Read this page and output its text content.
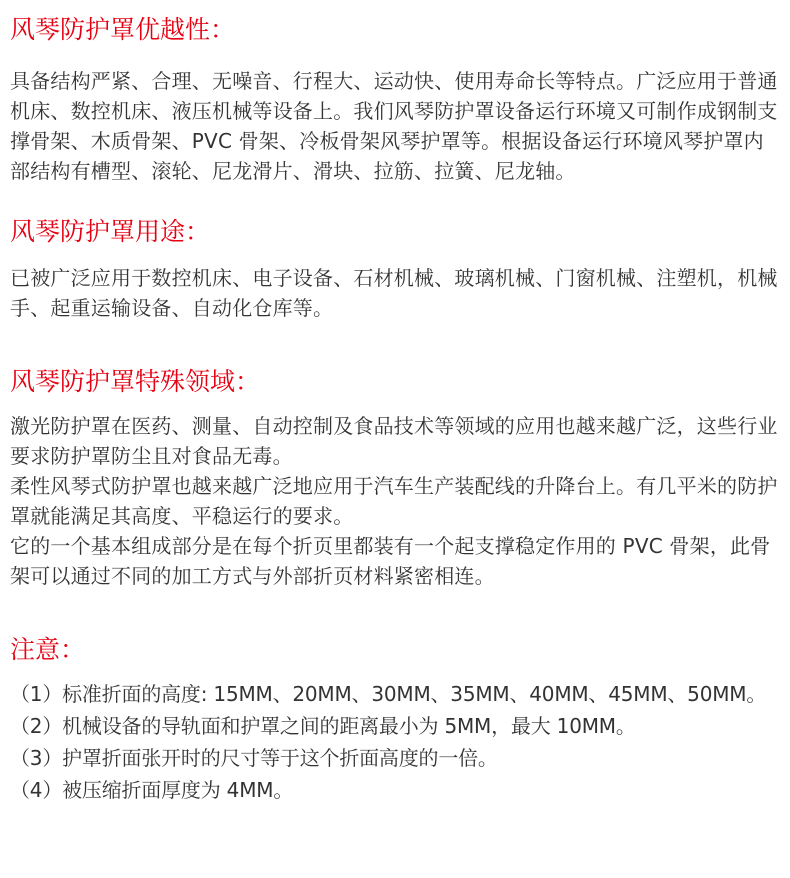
风琴防护罩优越性：

具备结构严紧、合理、无噪音、行程大、运动快、使用寿命长等特点。广泛应用于普通机床、数控机床、液压机械等设备上。我们风琴防护罩设备运行环境又可制作成钢制支撑骨架、木质骨架、PVC 骨架、冷板骨架风琴护罩等。根据设备运行环境风琴护罩内部结构有槽型、滚轮、尼龙滑片、滑块、拉筋、拉簧、尼龙轴。

风琴防护罩用途：

已被广泛应用于数控机床、电子设备、石材机械、玻璃机械、门窗机械、注塑机，机械手、起重运输设备、自动化仓库等。

风琴防护罩特殊领域：

激光防护罩在医药、测量、自动控制及食品技术等领域的应用也越来越广泛，这些行业要求防护罩防尘且对食品无毒。

柔性风琴式防护罩也越来越广泛地应用于汽车生产装配线的升降台上。有几平米的防护罩就能满足其高度、平稳运行的要求。

它的一个基本组成部分是在每个折页里都装有一个起支撑稳定作用的 PVC 骨架，此骨架可以通过不同的加工方式与外部折页材料紧密相连。

注意：

（1）标准折面的高度: 15MM、20MM、30MM、35MM、40MM、45MM、50MM。

（2）机械设备的导轨面和护罩之间的距离最小为 5MM，最大 10MM。

（3）护罩折面张开时的尺寸等于这个折面高度的一倍。

（4）被压缩折面厚度为 4MM。
